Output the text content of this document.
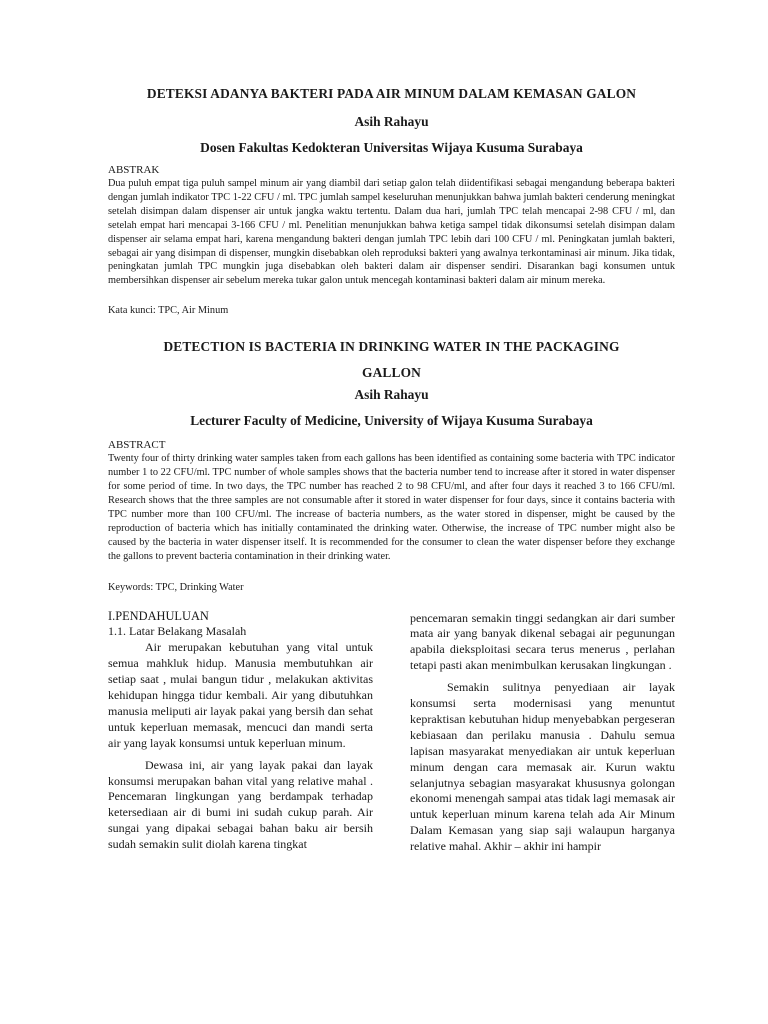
DETEKSI ADANYA BAKTERI PADA AIR MINUM DALAM KEMASAN GALON
Asih Rahayu
Dosen Fakultas Kedokteran Universitas Wijaya Kusuma Surabaya
ABSTRAK

Dua puluh empat tiga puluh sampel minum air yang diambil dari setiap galon telah diidentifikasi sebagai mengandung beberapa bakteri dengan jumlah indikator TPC 1-22 CFU / ml. TPC jumlah sampel keseluruhan menunjukkan bahwa jumlah bakteri cenderung meningkat setelah disimpan dalam dispenser air untuk jangka waktu tertentu. Dalam dua hari, jumlah TPC telah mencapai 2-98 CFU / ml, dan setelah empat hari mencapai 3-166 CFU / ml. Penelitian menunjukkan bahwa ketiga sampel tidak dikonsumsi setelah disimpan dalam dispenser air selama empat hari, karena mengandung bakteri dengan jumlah TPC lebih dari 100 CFU / ml. Peningkatan jumlah bakteri, sebagai air yang disimpan di dispenser, mungkin disebabkan oleh reproduksi bakteri yang awalnya terkontaminasi air minum. Jika tidak, peningkatan jumlah TPC mungkin juga disebabkan oleh bakteri dalam air dispenser sendiri. Disarankan bagi konsumen untuk membersihkan dispenser air sebelum mereka tukar galon untuk mencegah kontaminasi bakteri dalam air minum mereka.

Kata kunci: TPC, Air Minum
DETECTION IS BACTERIA IN DRINKING WATER IN THE PACKAGING
GALLON
Asih Rahayu
Lecturer Faculty of Medicine, University of Wijaya Kusuma Surabaya
ABSTRACT

Twenty four of thirty drinking water samples taken from each gallons has been identified as containing some bacteria with TPC indicator number 1 to 22 CFU/ml. TPC number of whole samples shows that the bacteria number tend to increase after it stored in water dispenser for some period of time. In two days, the TPC number has reached 2 to 98 CFU/ml, and after four days it reached 3 to 166 CFU/ml. Research shows that the three samples are not consumable after it stored in water dispenser for four days, since it contains bacteria with TPC number more than 100 CFU/ml. The increase of bacteria numbers, as the water stored in dispenser, might be caused by the reproduction of bacteria which has initially contaminated the drinking water. Otherwise, the increase of TPC number might also be caused by the bacteria in water dispenser itself. It is recommended for the consumer to clean the water dispenser before they exchange the gallons to prevent bacteria contamination in their drinking water.

Keywords: TPC, Drinking Water

I.PENDAHULUAN

1.1. Latar Belakang Masalah

Air merupakan kebutuhan yang vital untuk semua mahkluk hidup. Manusia membutuhkan air setiap saat , mulai bangun tidur , melakukan aktivitas kehidupan hingga tidur kembali. Air yang dibutuhkan manusia meliputi air layak pakai yang bersih dan sehat untuk keperluan memasak, mencuci dan mandi serta air yang layak konsumsi untuk keperluan minum.

Dewasa ini, air yang layak pakai dan layak konsumsi merupakan bahan vital yang relative mahal . Pencemaran lingkungan yang berdampak terhadap ketersediaan air di bumi ini sudah cukup parah. Air sungai yang dipakai sebagai bahan baku air bersih sudah semakin sulit diolah karena tingkat

pencemaran semakin tinggi sedangkan air dari sumber mata air yang banyak dikenal sebagai air pegunungan apabila dieksploitasi secara terus menerus , perlahan tetapi pasti akan menimbulkan kerusakan lingkungan .

Semakin sulitnya penyediaan air layak konsumsi serta modernisasi yang menuntut kepraktisan kebutuhan hidup menyebabkan pergeseran kebiasaan dan perilaku manusia . Dahulu semua lapisan masyarakat menyediakan air untuk keperluan minum dengan cara memasak air. Kurun waktu selanjutnya sebagian masyarakat khususnya golongan ekonomi menengah sampai atas tidak lagi memasak air untuk keperluan minum karena telah ada Air Minum Dalam Kemasan yang siap saji walaupun harganya relative mahal. Akhir – akhir ini hampir
